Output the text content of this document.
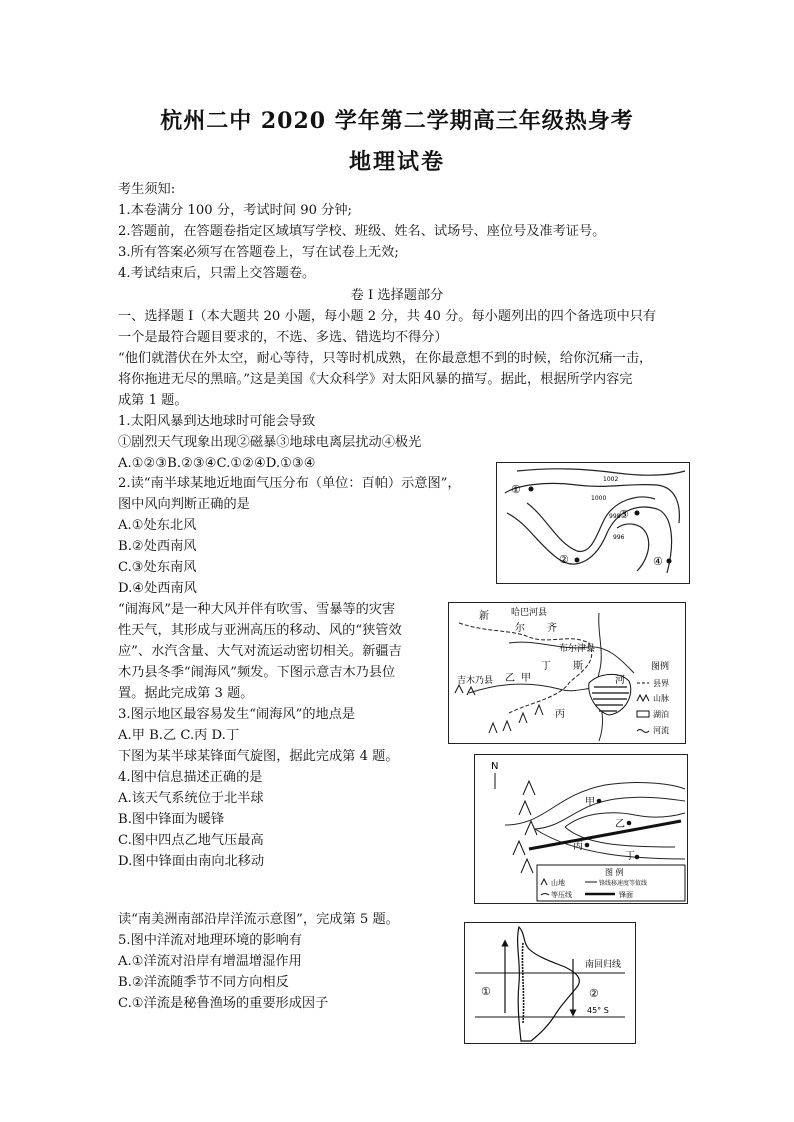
杭州二中 2020 学年第二学期高三年级热身考
地理试卷
考生须知:
1.本卷满分 100 分，考试时间 90 分钟;
2.答题前，在答题卷指定区域填写学校、班级、姓名、试场号、座位号及准考证号。
3.所有答案必须写在答题卷上，写在试卷上无效;
4.考试结束后，只需上交答题卷。
卷 I 选择题部分
一、选择题 I（本大题共 20 小题，每小题 2 分，共 40 分。每小题列出的四个备选项中只有
一个是最符合题目要求的，不选、多选、错选均不得分）
“他们就潜伏在外太空，耐心等待，只等时机成熟，在你最意想不到的时候，给你沉痛一击，
将你拖进无尽的黑暗。”这是美国《大众科学》对太阳风暴的描写。据此，根据所学内容完
成第 1 题。
1.太阳风暴到达地球时可能会导致
①剧烈天气现象出现②磁暴③地球电离层扰动④极光
A.①②③B.②③④C.①②④D.①③④
2.读“南半球某地近地面气压分布（单位：百帕）示意图”，
图中风向判断正确的是
A.①处东北风
B.②处西南风
C.③处东南风
D.④处西南风
1002
1000
998
996
①
②
③
④
“闹海风”是一种大风并伴有吹雪、雪暴等的灾害
性天气，其形成与亚洲高压的移动、风的“狭管效
应”、水汽含量、大气对流运动密切相关。新疆吉
木乃县冬季“闹海风”频发。下图示意吉木乃县位
置。据此完成第 3 题。
3.图示地区最容易发生“闹海风”的地点是
A.甲 B.乙 C.丙 D.丁
新 哈巴河县
尔 齐
布尔津县
吉木乃县 乙 甲
丁 斯
河
丙
图例
县界
山脉
湖泊
河流
下图为某半球某锋面气旋图，据此完成第 4 题。
4.图中信息描述正确的是
A.该天气系统位于北半球
B.图中锋面为暖锋
C.图中四点乙地气压最高
D.图中锋面由南向北移动
N
甲
乙
丙
丁
图 例
山地	锋线移速度等值线
等压线	锋面
读“南美洲南部沿岸洋流示意图”，完成第 5 题。
5.图中洋流对地理环境的影响有
A.①洋流对沿岸有增温增湿作用
B.②洋流随季节不同方向相反
C.①洋流是秘鲁渔场的重要形成因子
南回归线
45° S
①	②
